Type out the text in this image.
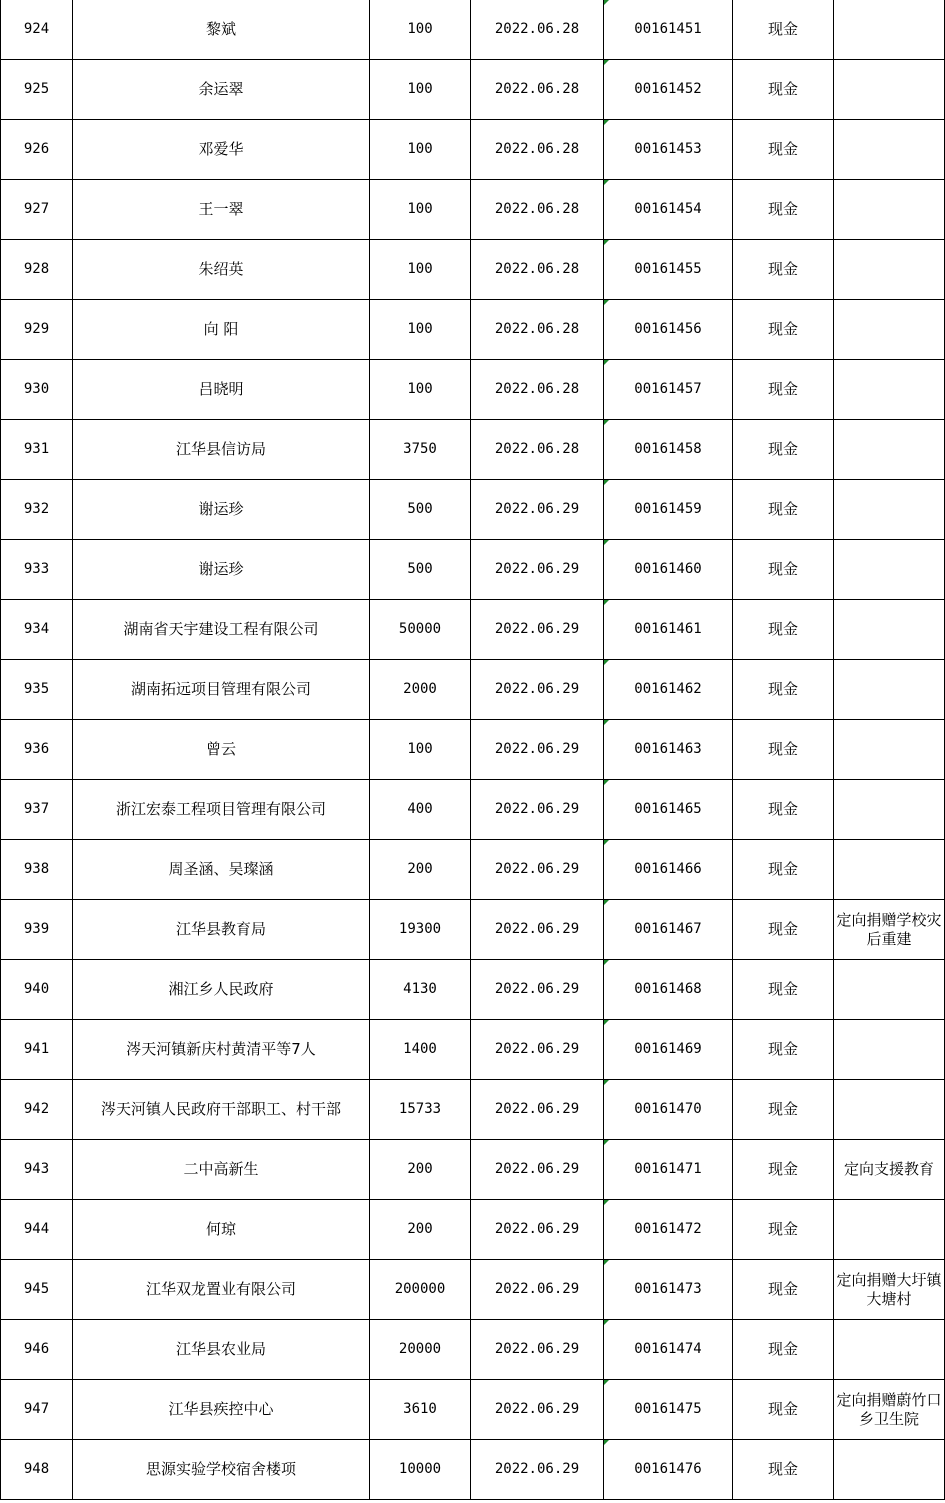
924	黎斌	100	2022.06.28	00161451	现金	
925	余运翠	100	2022.06.28	00161452	现金	
926	邓爱华	100	2022.06.28	00161453	现金	
927	王一翠	100	2022.06.28	00161454	现金	
928	朱绍英	100	2022.06.28	00161455	现金	
929	向 阳	100	2022.06.28	00161456	现金	
930	吕晓明	100	2022.06.28	00161457	现金	
931	江华县信访局	3750	2022.06.28	00161458	现金	
932	谢运珍	500	2022.06.29	00161459	现金	
933	谢运珍	500	2022.06.29	00161460	现金	
934	湖南省天宇建设工程有限公司	50000	2022.06.29	00161461	现金	
935	湖南拓远项目管理有限公司	2000	2022.06.29	00161462	现金	
936	曾云	100	2022.06.29	00161463	现金	
937	浙江宏泰工程项目管理有限公司	400	2022.06.29	00161465	现金	
938	周圣涵、吴璨涵	200	2022.06.29	00161466	现金	
939	江华县教育局	19300	2022.06.29	00161467	现金	定向捐赠学校灾后重建
940	湘江乡人民政府	4130	2022.06.29	00161468	现金	
941	涔天河镇新庆村黄清平等7人	1400	2022.06.29	00161469	现金	
942	涔天河镇人民政府干部职工、村干部	15733	2022.06.29	00161470	现金	
943	二中高新生	200	2022.06.29	00161471	现金	定向支援教育
944	何琼	200	2022.06.29	00161472	现金	
945	江华双龙置业有限公司	200000	2022.06.29	00161473	现金	定向捐赠大圩镇大塘村
946	江华县农业局	20000	2022.06.29	00161474	现金	
947	江华县疾控中心	3610	2022.06.29	00161475	现金	定向捐赠蔚竹口乡卫生院
948	思源实验学校宿舍楼项	10000	2022.06.29	00161476	现金	
